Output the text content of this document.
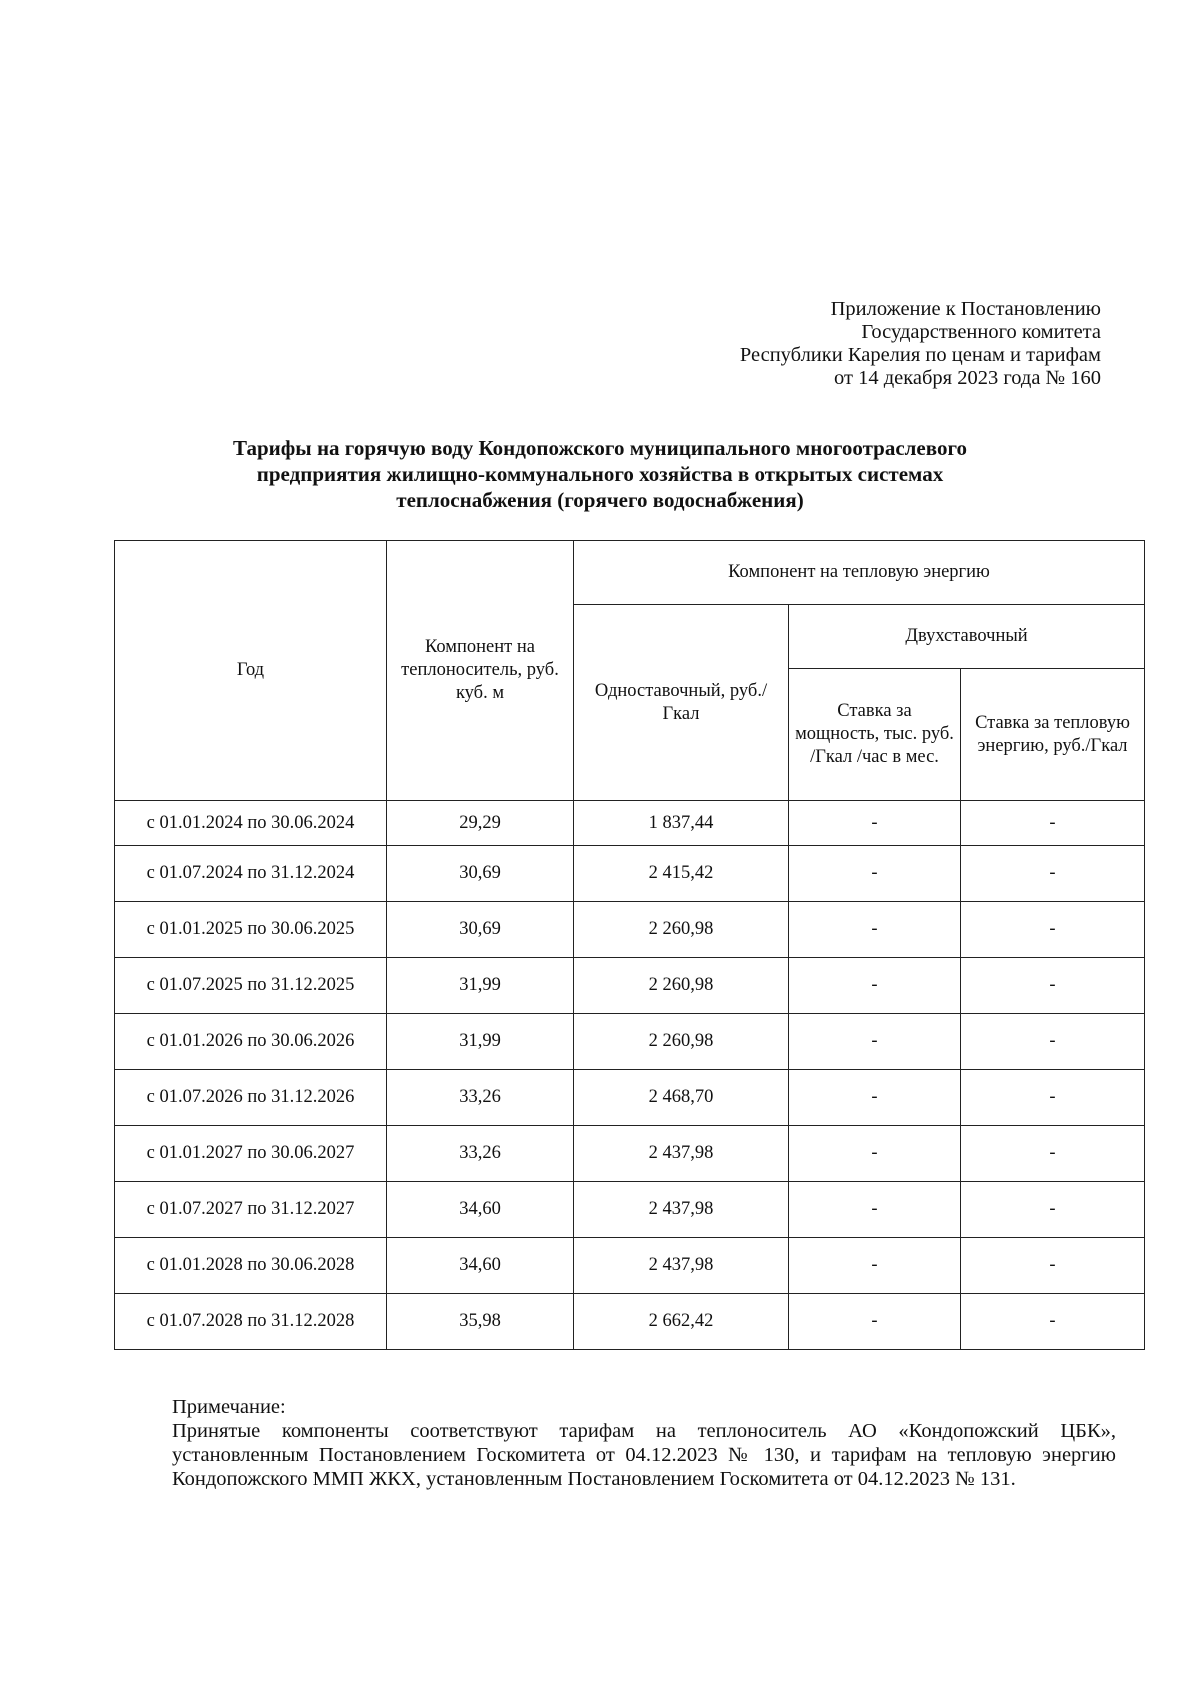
Приложение к Постановлению
Государственного комитета
Республики Карелия по ценам и тарифам
от 14 декабря 2023 года № 160
Тарифы на горячую воду Кондопожского муниципального многоотраслевого
предприятия жилищно-коммунального хозяйства в открытых системах
теплоснабжения (горячего водоснабжения)
Год	Компонент на теплоноситель, руб. куб. м	Компонент на тепловую энергию		
		Одноставочный, руб./Гкал	Двухставочный	
			Ставка за мощность, тыс. руб. /Гкал /час в мес.	Ставка за тепловую энергию, руб./Гкал
с 01.01.2024 по 30.06.2024	29,29	1 837,44	-	-
с 01.07.2024 по 31.12.2024	30,69	2 415,42	-	-
с 01.01.2025 по 30.06.2025	30,69	2 260,98	-	-
с 01.07.2025 по 31.12.2025	31,99	2 260,98	-	-
с 01.01.2026 по 30.06.2026	31,99	2 260,98	-	-
с 01.07.2026 по 31.12.2026	33,26	2 468,70	-	-
с 01.01.2027 по 30.06.2027	33,26	2 437,98	-	-
с 01.07.2027 по 31.12.2027	34,60	2 437,98	-	-
с 01.01.2028 по 30.06.2028	34,60	2 437,98	-	-
с 01.07.2028 по 31.12.2028	35,98	2 662,42	-	-
Примечание:
Принятые компоненты соответствуют тарифам на теплоноситель АО «Кондопожский ЦБК», установленным Постановлением Госкомитета от 04.12.2023 № 130, и тарифам на тепловую энергию Кондопожского ММП ЖКХ, установленным Постановлением Госкомитета от 04.12.2023 № 131.
